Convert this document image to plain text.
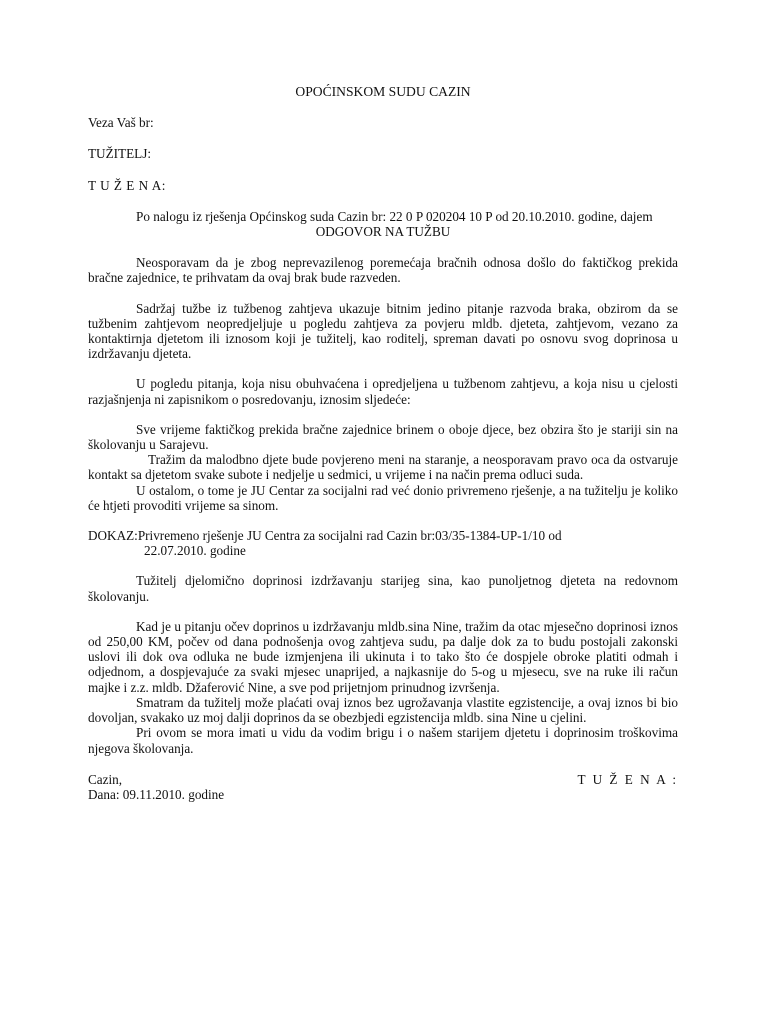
OPOĆINSKOM SUDU CAZIN

Veza Vaš br:

TUŽITELJ:

T U Ž E N A:

Po nalogu iz rješenja Općinskog suda Cazin br: 22 0 P 020204 10 P od 20.10.2010. godine, dajem

ODGOVOR NA TUŽBU

Neosporavam da je zbog neprevazilenog poremećaja bračnih odnosa došlo do faktičkog prekida bračne zajednice, te prihvatam da ovaj brak bude razveden.

Sadržaj tužbe iz tužbenog zahtjeva ukazuje bitnim jedino pitanje razvoda braka, obzirom da se tužbenim zahtjevom neopredjeljuje u pogledu zahtjeva za povjeru mldb. djeteta, zahtjevom, vezano za kontaktirnja djetetom ili iznosom koji je tužitelj, kao roditelj, spreman davati po osnovu svog doprinosa u izdržavanju djeteta.

U pogledu pitanja, koja nisu obuhvaćena i opredjeljena u tužbenom zahtjevu, a koja nisu u cjelosti razjašnjenja ni zapisnikom o posredovanju, iznosim sljedeće:

Sve vrijeme faktičkog prekida bračne zajednice brinem o oboje djece, bez obzira što je stariji sin na školovanju u Sarajevu.

Tražim da malodbno djete bude povjereno meni na staranje, a neosporavam pravo oca da ostvaruje kontakt sa djetetom svake subote i nedjelje u sedmici, u vrijeme i na način prema odluci suda.

U ostalom, o tome je JU Centar za socijalni rad već donio privremeno rješenje, a na tužitelju je koliko će htjeti provoditi vrijeme sa sinom.

DOKAZ:Privremeno rješenje JU Centra za socijalni rad Cazin br:03/35-1384-UP-1/10 od
22.07.2010. godine

Tužitelj djelomično doprinosi izdržavanju starijeg sina, kao punoljetnog djeteta na redovnom školovanju.

Kad je u pitanju očev doprinos u izdržavanju mldb.sina Nine, tražim da otac mjesečno doprinosi iznos od 250,00 KM, počev od dana podnošenja ovog zahtjeva sudu, pa dalje dok za to budu postojali zakonski uslovi ili dok ova odluka ne bude izmjenjena ili ukinuta i to tako što će dospjele obroke platiti odmah i odjednom, a dospjevajuće za svaki mjesec unaprijed, a najkasnije do 5-og u mjesecu, sve na ruke ili račun majke i z.z. mldb. Džaferović Nine, a sve pod prijetnjom prinudnog izvršenja.

Smatram da tužitelj može plaćati ovaj iznos bez ugrožavanja vlastite egzistencije, a ovaj iznos bi bio dovoljan, svakako uz moj dalji doprinos da se obezbjedi egzistencija mldb. sina Nine u cjelini.

Pri ovom se mora imati u vidu da vodim brigu i o našem starijem djetetu i doprinosim troškovima njegova školovanja.

Cazin,	T U Ž E N A :

Dana: 09.11.2010. godine
